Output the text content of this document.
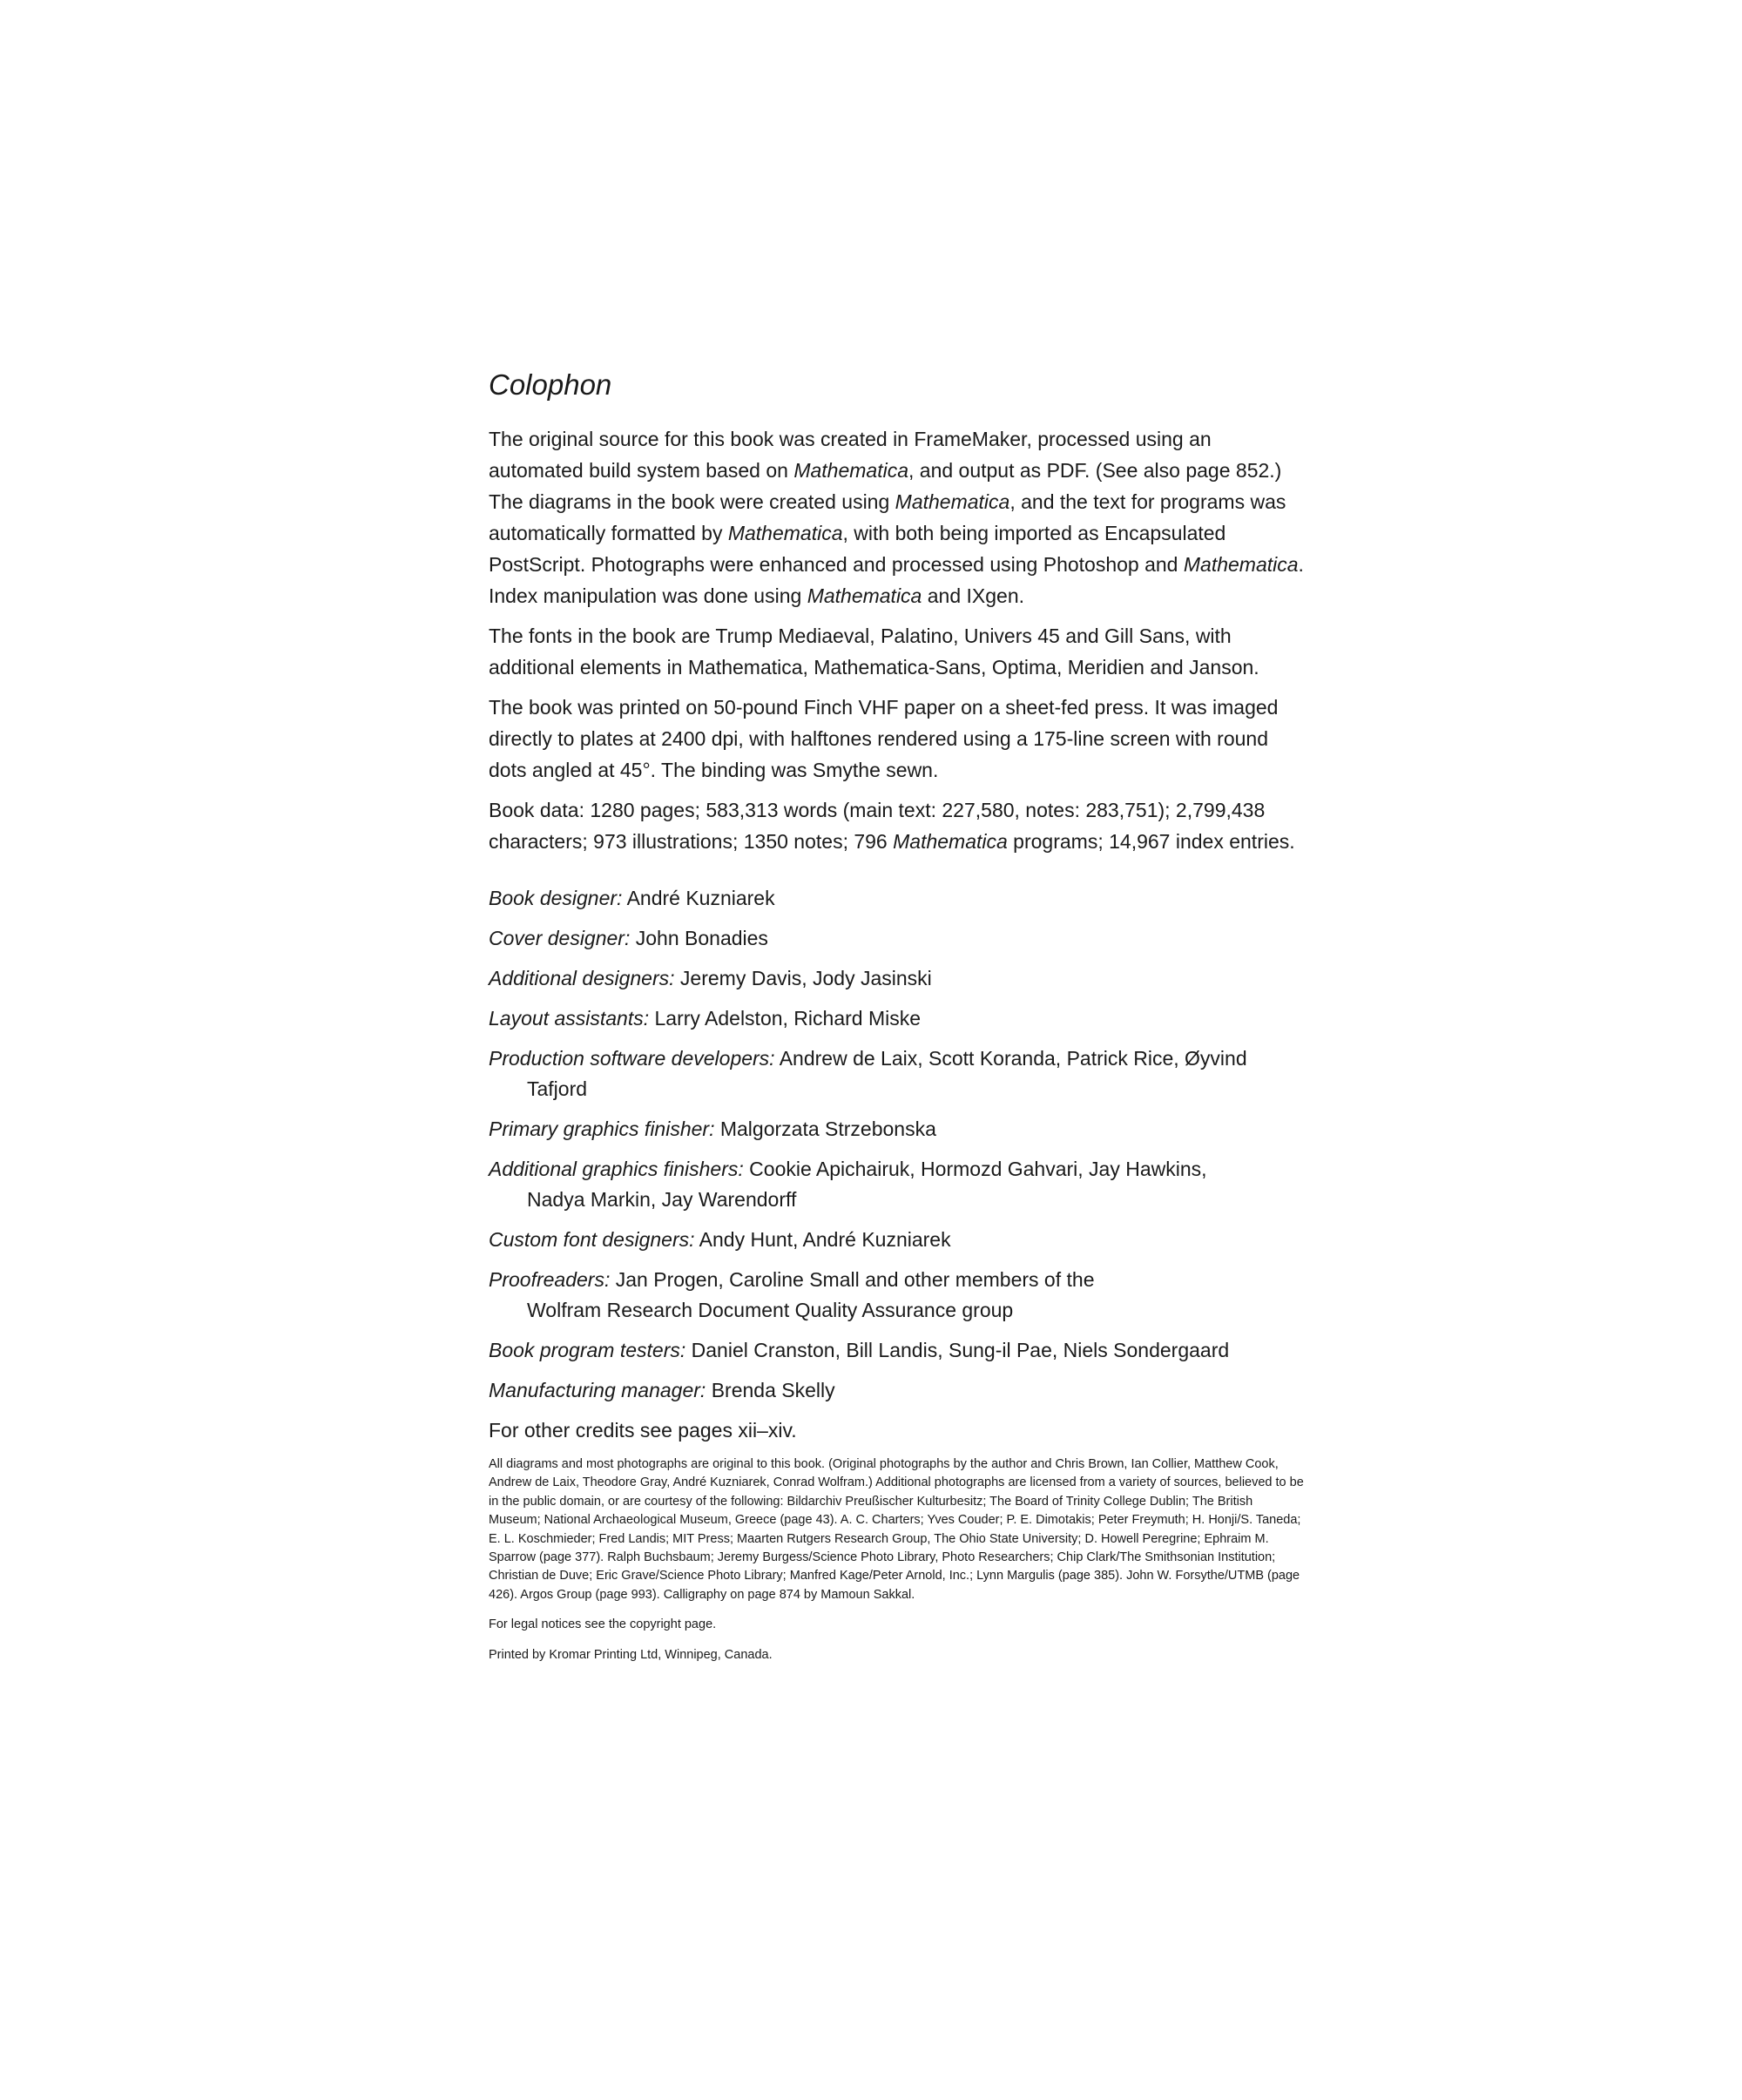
Colophon

The original source for this book was created in FrameMaker, processed using an automated build system based on Mathematica, and output as PDF. (See also page 852.) The diagrams in the book were created using Mathematica, and the text for programs was automatically formatted by Mathematica, with both being imported as Encapsulated PostScript. Photographs were enhanced and processed using Photoshop and Mathematica. Index manipulation was done using Mathematica and IXgen.

The fonts in the book are Trump Mediaeval, Palatino, Univers 45 and Gill Sans, with additional elements in Mathematica, Mathematica-Sans, Optima, Meridien and Janson.

The book was printed on 50-pound Finch VHF paper on a sheet-fed press. It was imaged directly to plates at 2400 dpi, with halftones rendered using a 175-line screen with round dots angled at 45°. The binding was Smythe sewn.

Book data: 1280 pages; 583,313 words (main text: 227,580, notes: 283,751); 2,799,438 characters; 973 illustrations; 1350 notes; 796 Mathematica programs; 14,967 index entries.

Book designer: André Kuzniarek
Cover designer: John Bonadies
Additional designers: Jeremy Davis, Jody Jasinski
Layout assistants: Larry Adelston, Richard Miske
Production software developers: Andrew de Laix, Scott Koranda, Patrick Rice, Øyvind Tafjord
Primary graphics finisher: Malgorzata Strzebonska
Additional graphics finishers: Cookie Apichairuk, Hormozd Gahvari, Jay Hawkins, Nadya Markin, Jay Warendorff
Custom font designers: Andy Hunt, André Kuzniarek
Proofreaders: Jan Progen, Caroline Small and other members of the Wolfram Research Document Quality Assurance group
Book program testers: Daniel Cranston, Bill Landis, Sung-il Pae, Niels Sondergaard
Manufacturing manager: Brenda Skelly
For other credits see pages xii–xiv.

All diagrams and most photographs are original to this book. (Original photographs by the author and Chris Brown, Ian Collier, Matthew Cook, Andrew de Laix, Theodore Gray, André Kuzniarek, Conrad Wolfram.) Additional photographs are licensed from a variety of sources, believed to be in the public domain, or are courtesy of the following: Bildarchiv Preußischer Kulturbesitz; The Board of Trinity College Dublin; The British Museum; National Archaeological Museum, Greece (page 43). A. C. Charters; Yves Couder; P. E. Dimotakis; Peter Freymuth; H. Honji/S. Taneda; E. L. Koschmieder; Fred Landis; MIT Press; Maarten Rutgers Research Group, The Ohio State University; D. Howell Peregrine; Ephraim M. Sparrow (page 377). Ralph Buchsbaum; Jeremy Burgess/Science Photo Library, Photo Researchers; Chip Clark/The Smithsonian Institution; Christian de Duve; Eric Grave/Science Photo Library; Manfred Kage/Peter Arnold, Inc.; Lynn Margulis (page 385). John W. Forsythe/UTMB (page 426). Argos Group (page 993). Calligraphy on page 874 by Mamoun Sakkal.

For legal notices see the copyright page.

Printed by Kromar Printing Ltd, Winnipeg, Canada.
